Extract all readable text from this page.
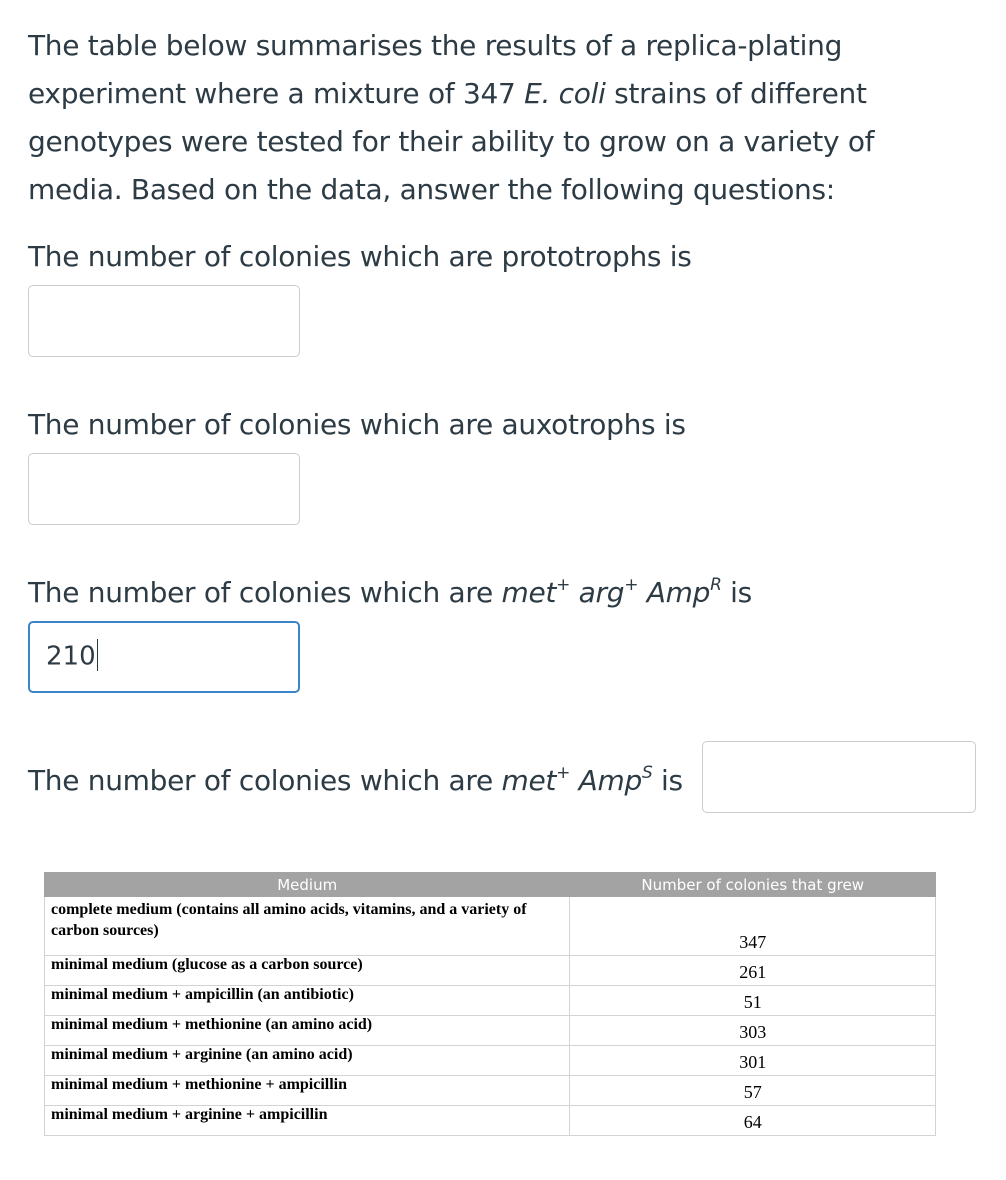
The table below summarises the results of a replica-plating experiment where a mixture of 347 E. coli strains of different genotypes were tested for their ability to grow on a variety of media. Based on the data, answer the following questions:

The number of colonies which are prototrophs is
The number of colonies which are auxotrophs is
The number of colonies which are met+ arg+ Amp$^R$ is
210
The number of colonies which are met+ Amp$^S$ is
Medium	Number of colonies that grew
complete medium (contains all amino acids, vitamins, and a variety of carbon sources)	347
minimal medium (glucose as a carbon source)	261
minimal medium + ampicillin (an antibiotic)	51
minimal medium + methionine (an amino acid)	303
minimal medium + arginine (an amino acid)	301
minimal medium + methionine + ampicillin	57
minimal medium + arginine + ampicillin	64
